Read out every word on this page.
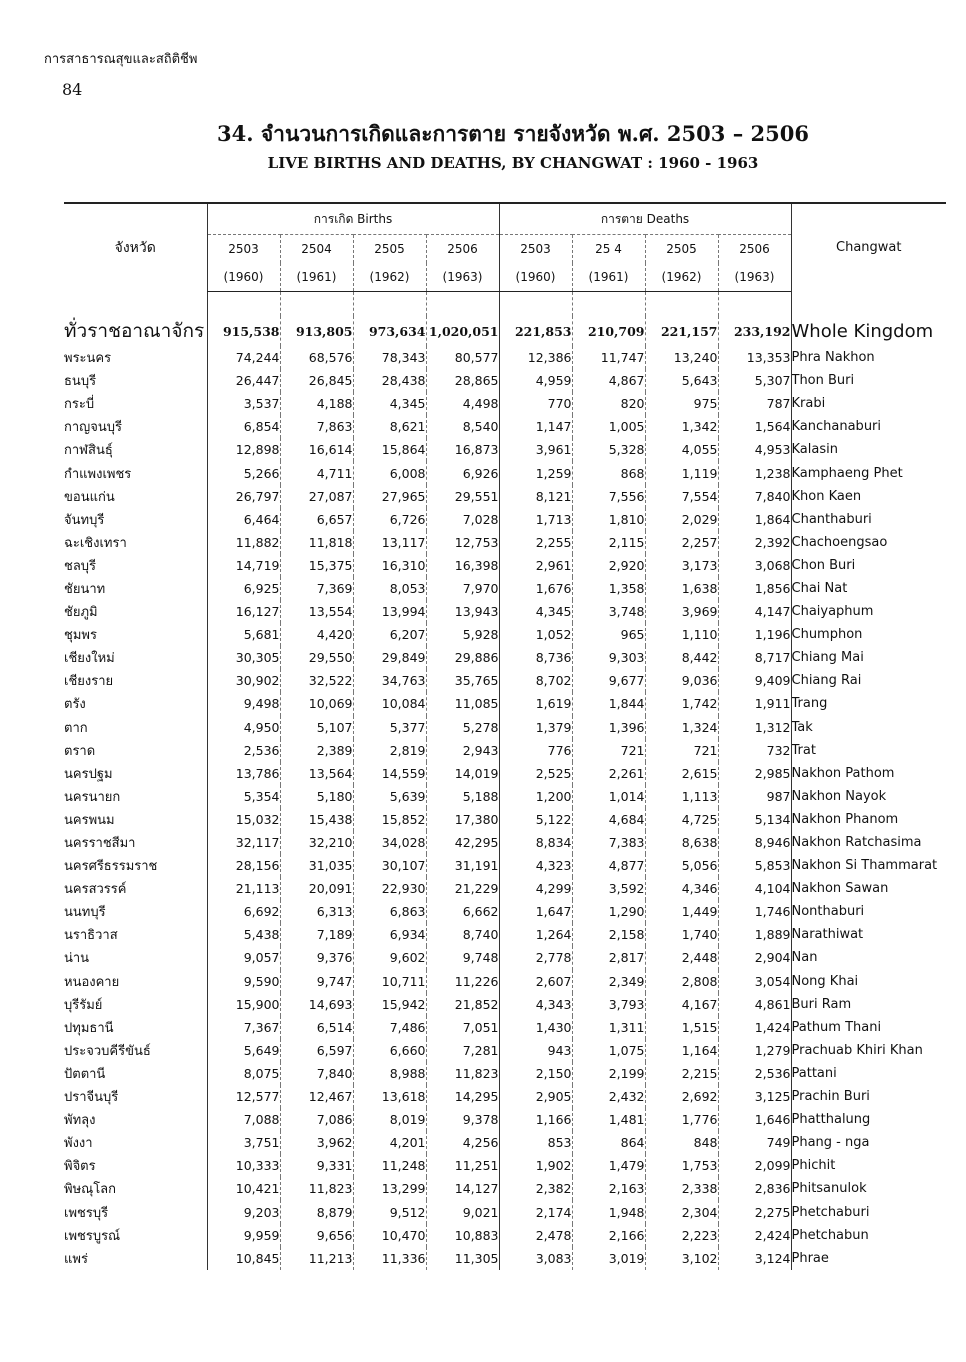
การสาธารณสุขและสถิติชีพ
84
34. จำนวนการเกิดและการตาย รายจังหวัด พ.ศ. 2503 – 2506
LIVE BIRTHS AND DEATHS, BY CHANGWAT : 1960 - 1963
จังหวัด	การเกิด Births				การตาย Deaths				Changwat
	2503	2504	2505	2506	2503	25 4	2505	2506	
	(1960)	(1961)	(1962)	(1963)	(1960)	(1961)	(1962)	(1963)	

ทั่วราชอาณาจักร	915,538	913,805	973,634	1,020,051	221,853	210,709	221,157	233,192	Whole Kingdom
พระนคร	74,244	68,576	78,343	80,577	12,386	11,747	13,240	13,353	Phra Nakhon
ธนบุรี	26,447	26,845	28,438	28,865	4,959	4,867	5,643	5,307	Thon Buri
กระบี่	3,537	4,188	4,345	4,498	770	820	975	787	Krabi
กาญจนบุรี	6,854	7,863	8,621	8,540	1,147	1,005	1,342	1,564	Kanchanaburi
กาฬสินธุ์	12,898	16,614	15,864	16,873	3,961	5,328	4,055	4,953	Kalasin
กำแพงเพชร	5,266	4,711	6,008	6,926	1,259	868	1,119	1,238	Kamphaeng Phet
ขอนแก่น	26,797	27,087	27,965	29,551	8,121	7,556	7,554	7,840	Khon Kaen
จันทบุรี	6,464	6,657	6,726	7,028	1,713	1,810	2,029	1,864	Chanthaburi
ฉะเชิงเทรา	11,882	11,818	13,117	12,753	2,255	2,115	2,257	2,392	Chachoengsao
ชลบุรี	14,719	15,375	16,310	16,398	2,961	2,920	3,173	3,068	Chon Buri
ชัยนาท	6,925	7,369	8,053	7,970	1,676	1,358	1,638	1,856	Chai Nat
ชัยภูมิ	16,127	13,554	13,994	13,943	4,345	3,748	3,969	4,147	Chaiyaphum
ชุมพร	5,681	4,420	6,207	5,928	1,052	965	1,110	1,196	Chumphon
เชียงใหม่	30,305	29,550	29,849	29,886	8,736	9,303	8,442	8,717	Chiang Mai
เชียงราย	30,902	32,522	34,763	35,765	8,702	9,677	9,036	9,409	Chiang Rai
ตรัง	9,498	10,069	10,084	11,085	1,619	1,844	1,742	1,911	Trang
ตาก	4,950	5,107	5,377	5,278	1,379	1,396	1,324	1,312	Tak
ตราด	2,536	2,389	2,819	2,943	776	721	721	732	Trat
นครปฐม	13,786	13,564	14,559	14,019	2,525	2,261	2,615	2,985	Nakhon Pathom
นครนายก	5,354	5,180	5,639	5,188	1,200	1,014	1,113	987	Nakhon Nayok
นครพนม	15,032	15,438	15,852	17,380	5,122	4,684	4,725	5,134	Nakhon Phanom
นครราชสีมา	32,117	32,210	34,028	42,295	8,834	7,383	8,638	8,946	Nakhon Ratchasima
นครศรีธรรมราช	28,156	31,035	30,107	31,191	4,323	4,877	5,056	5,853	Nakhon Si Thammarat
นครสวรรค์	21,113	20,091	22,930	21,229	4,299	3,592	4,346	4,104	Nakhon Sawan
นนทบุรี	6,692	6,313	6,863	6,662	1,647	1,290	1,449	1,746	Nonthaburi
นราธิวาส	5,438	7,189	6,934	8,740	1,264	2,158	1,740	1,889	Narathiwat
น่าน	9,057	9,376	9,602	9,748	2,778	2,817	2,448	2,904	Nan
หนองคาย	9,590	9,747	10,711	11,226	2,607	2,349	2,808	3,054	Nong Khai
บุรีรัมย์	15,900	14,693	15,942	21,852	4,343	3,793	4,167	4,861	Buri Ram
ปทุมธานี	7,367	6,514	7,486	7,051	1,430	1,311	1,515	1,424	Pathum Thani
ประจวบคีรีขันธ์	5,649	6,597	6,660	7,281	943	1,075	1,164	1,279	Prachuab Khiri Khan
ปัตตานี	8,075	7,840	8,988	11,823	2,150	2,199	2,215	2,536	Pattani
ปราจีนบุรี	12,577	12,467	13,618	14,295	2,905	2,432	2,692	3,125	Prachin Buri
พัทลุง	7,088	7,086	8,019	9,378	1,166	1,481	1,776	1,646	Phatthalung
พังงา	3,751	3,962	4,201	4,256	853	864	848	749	Phang - nga
พิจิตร	10,333	9,331	11,248	11,251	1,902	1,479	1,753	2,099	Phichit
พิษณุโลก	10,421	11,823	13,299	14,127	2,382	2,163	2,338	2,836	Phitsanulok
เพชรบุรี	9,203	8,879	9,512	9,021	2,174	1,948	2,304	2,275	Phetchaburi
เพชรบูรณ์	9,959	9,656	10,470	10,883	2,478	2,166	2,223	2,424	Phetchabun
แพร่	10,845	11,213	11,336	11,305	3,083	3,019	3,102	3,124	Phrae
